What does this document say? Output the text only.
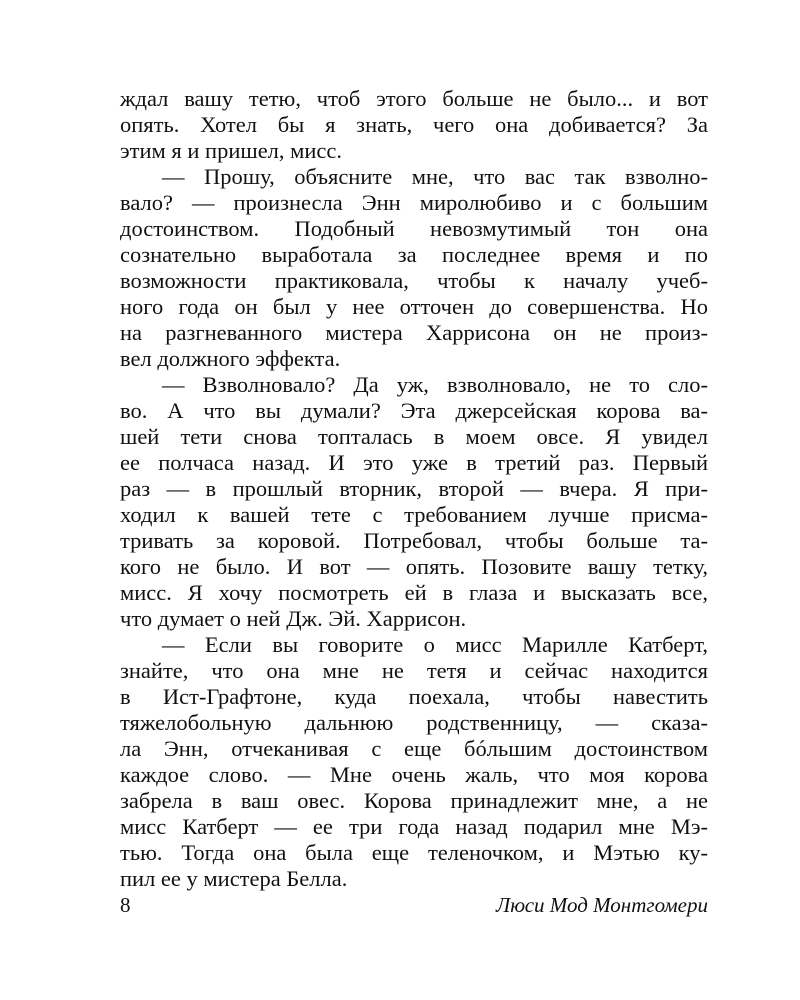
ждал вашу тетю, чтоб этого больше не было... и вот
опять. Хотел бы я знать, чего она добивается? За
этим я и пришел, мисс.
— Прошу, объясните мне, что вас так взволно-
вало? — произнесла Энн миролюбиво и с большим
достоинством. Подобный невозмутимый тон она
сознательно выработала за последнее время и по
возможности практиковала, чтобы к началу учеб-
ного года он был у нее отточен до совершенства. Но
на разгневанного мистера Харрисона он не произ-
вел должного эффекта.
— Взволновало? Да уж, взволновало, не то сло-
во. А что вы думали? Эта джерсейская корова ва-
шей тети снова топталась в моем овсе. Я увидел
ее полчаса назад. И это уже в третий раз. Первый
раз — в прошлый вторник, второй — вчера. Я при-
ходил к вашей тете с требованием лучше присма-
тривать за коровой. Потребовал, чтобы больше та-
кого не было. И вот — опять. Позовите вашу тетку,
мисс. Я хочу посмотреть ей в глаза и высказать все,
что думает о ней Дж. Эй. Харрисон.
— Если вы говорите о мисс Марилле Катберт,
знайте, что она мне не тетя и сейчас находится
в Ист-Графтоне, куда поехала, чтобы навестить
тяжелобольную дальнюю родственницу, — сказа-
ла Энн, отчеканивая с еще бóльшим достоинством
каждое слово. — Мне очень жаль, что моя корова
забрела в ваш овес. Корова принадлежит мне, а не
мисс Катберт — ее три года назад подарил мне Мэ-
тью. Тогда она была еще теленочком, и Мэтью ку-
пил ее у мистера Белла.
8	Люси Мод Монтгомери
